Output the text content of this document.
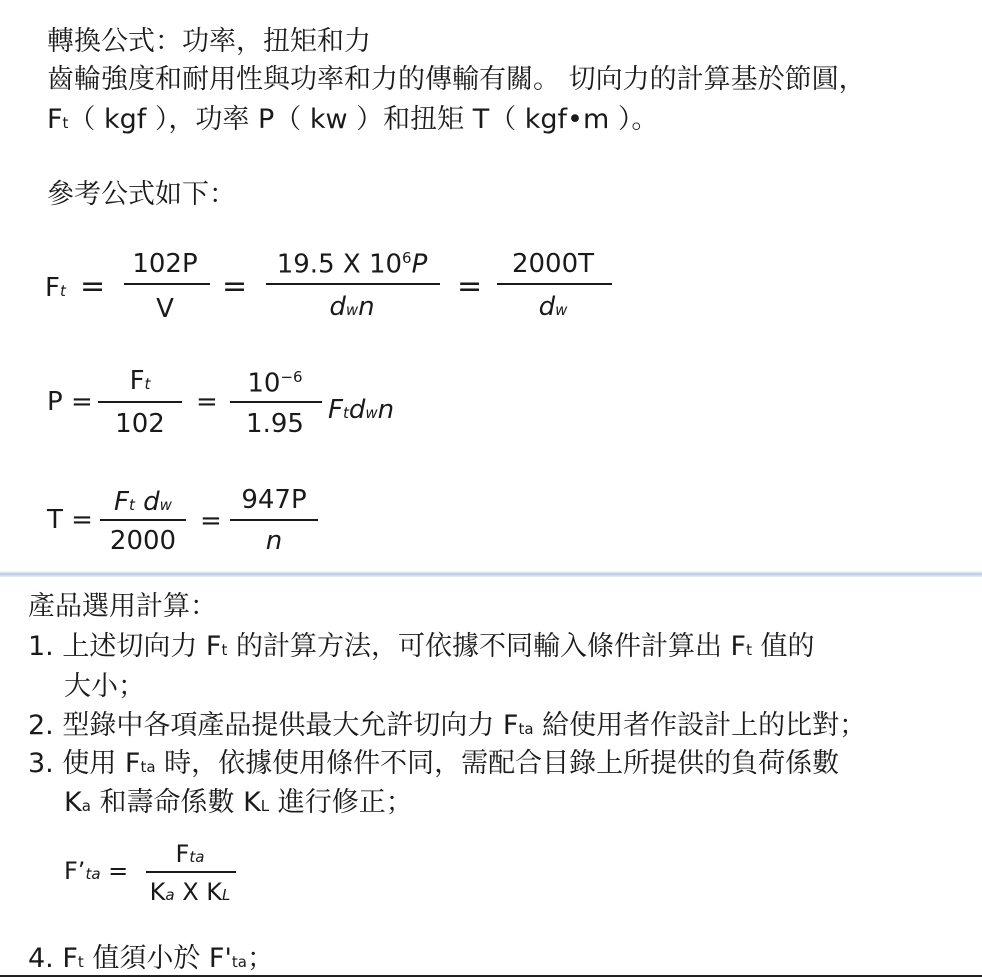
轉換公式：功率，扭矩和力
齒輪強度和耐用性與功率和力的傳輸有關。 切向力的計算基於節圓，
Ft（ kgf ），功率 P（ kw ）和扭矩 T（ kgf•m ）。
參考公式如下：
Ft =
102P
V
=
19.5 X $10^6P$
dwn
=
2000T
dw
P =
Ft
102
=
$10^{-6}$
1.95 Ftdwn
T =
Ft dw
2000
=
947P
n
產品選用計算：
1. 上述切向力 Ft 的計算方法，可依據不同輸入條件計算出 Ft 值的
大小；
2. 型錄中各項產品提供最大允許切向力 Fta 給使用者作設計上的比對；
3. 使用 Fta 時，依據使用條件不同，需配合目錄上所提供的負荷係數
Ka 和壽命係數 KL 進行修正；
F’ta =
Fta
Ka X KL
4. Ft 值須小於 F'ta；
